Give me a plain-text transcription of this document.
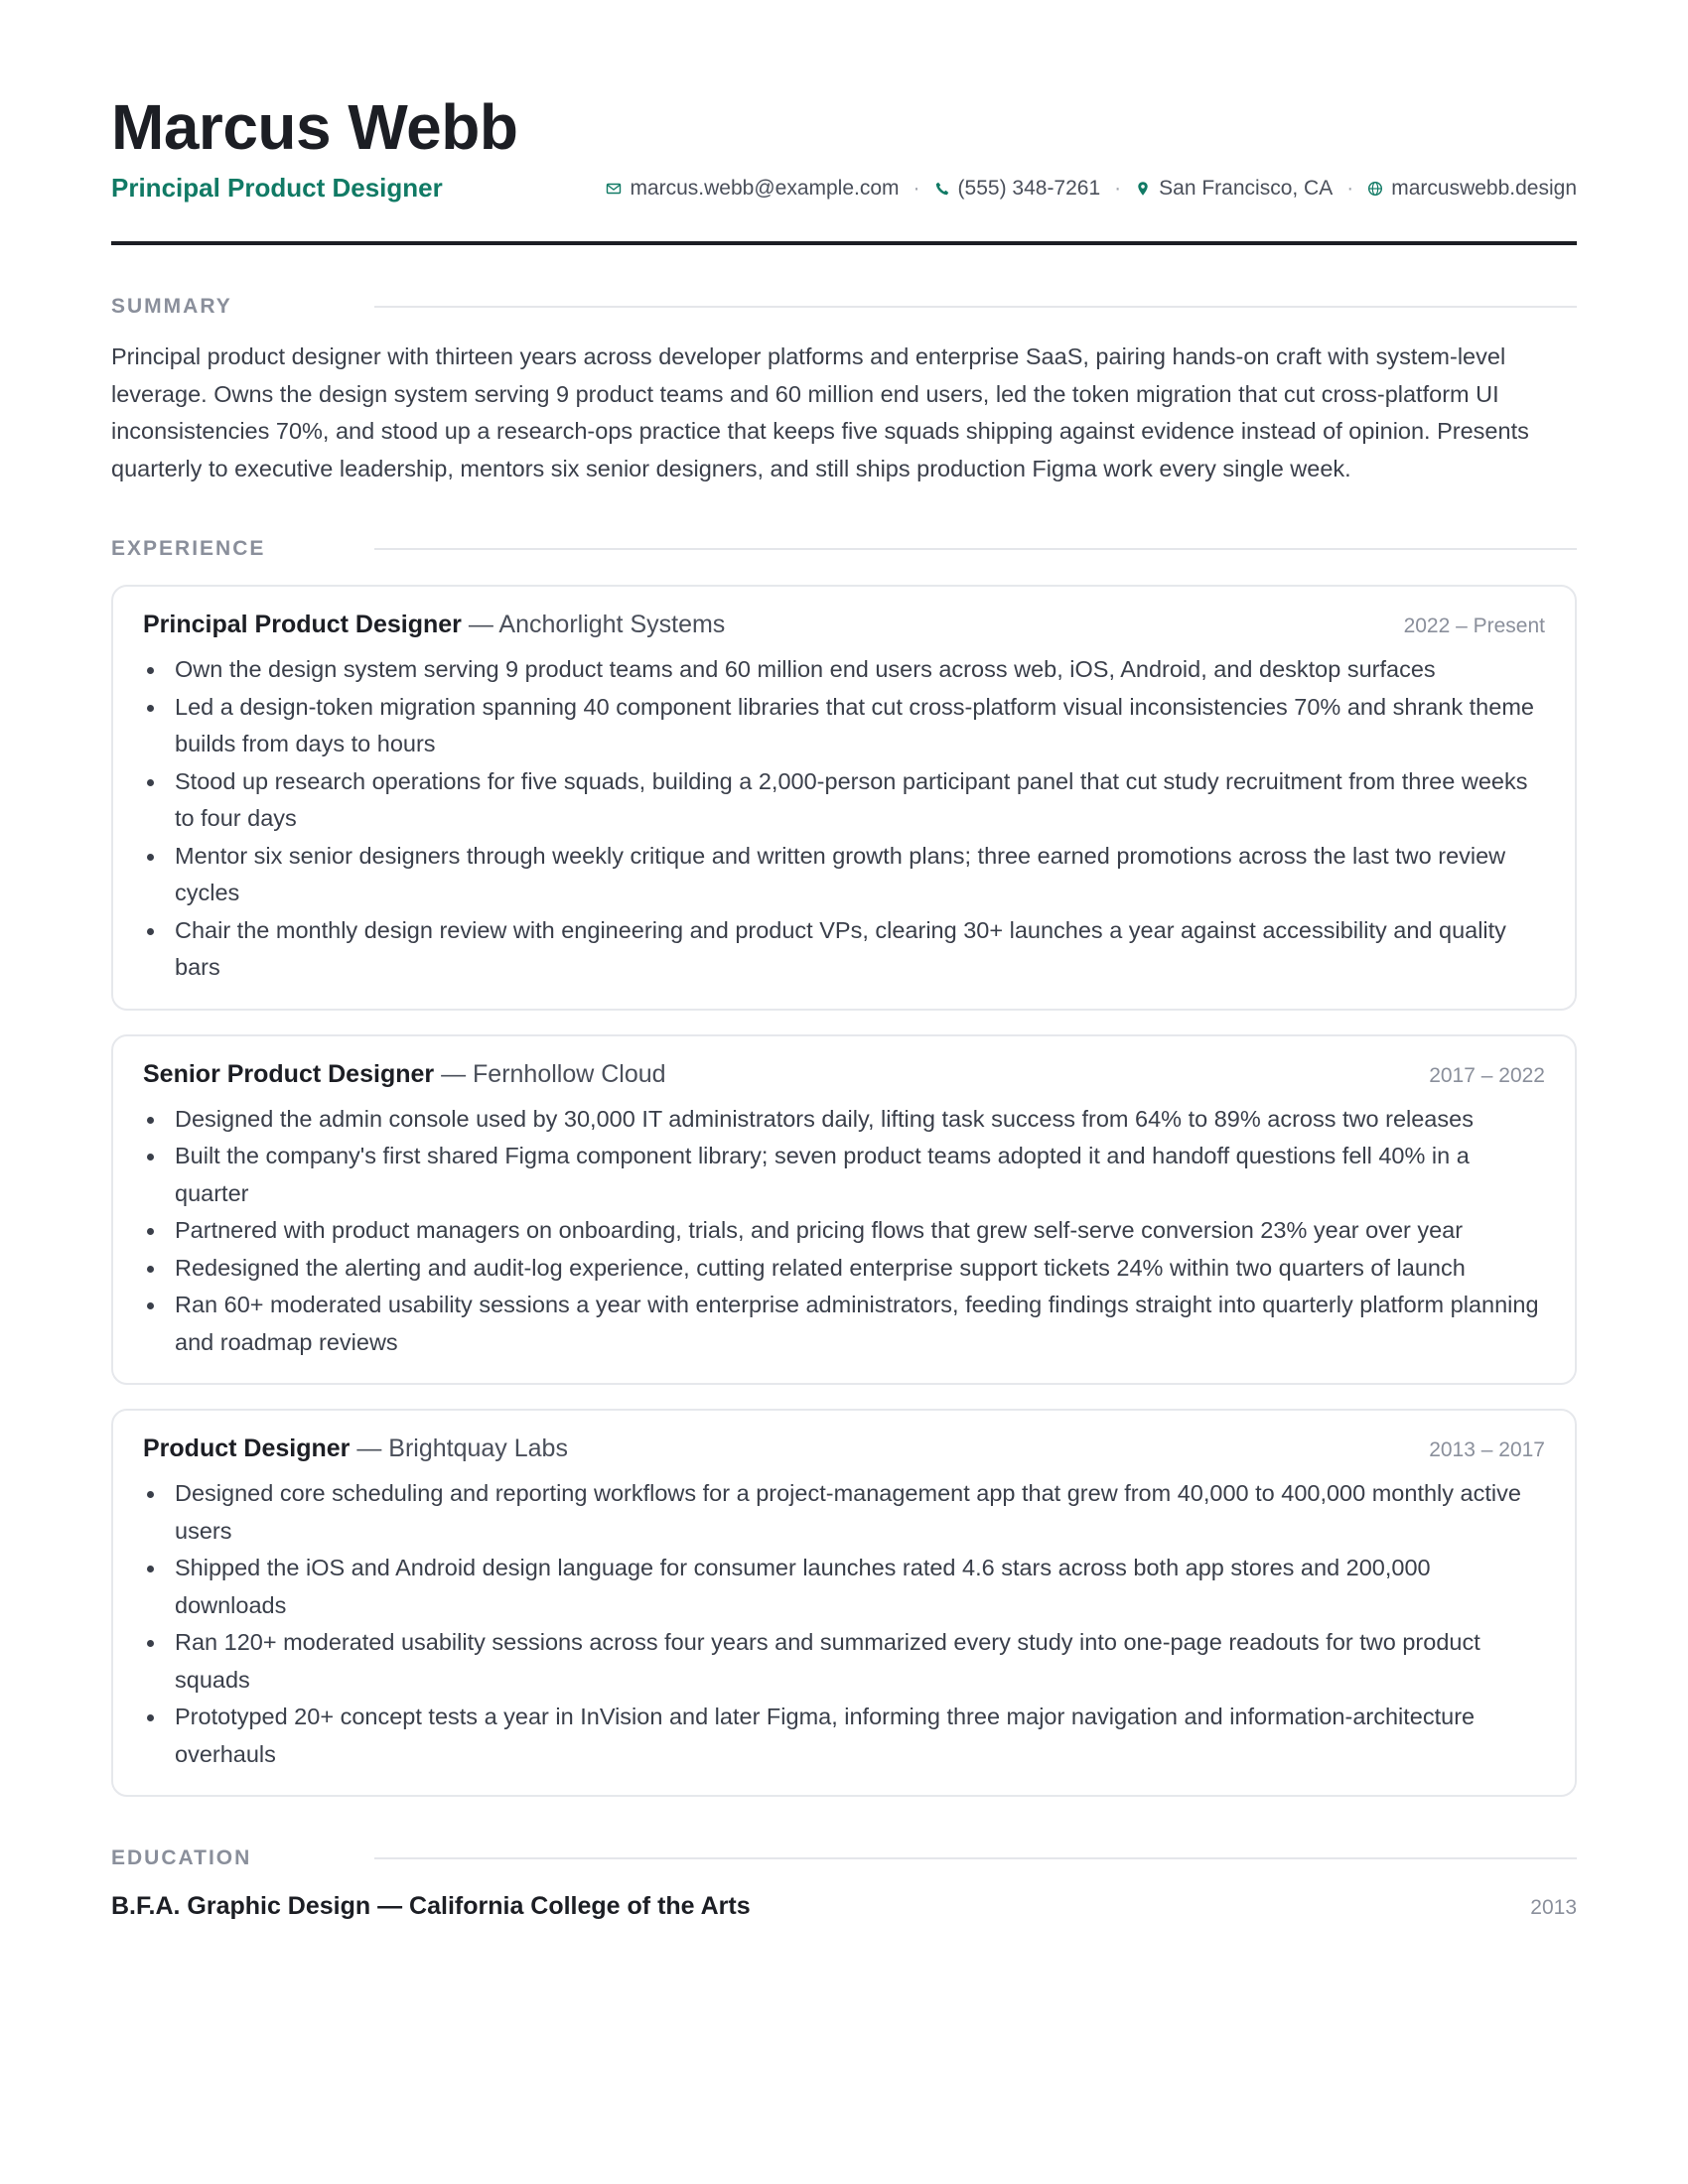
Marcus Webb
Principal Product Designer	marcus.webb@example.com · (555) 348-7261 · San Francisco, CA · marcuswebb.design
SUMMARY

Principal product designer with thirteen years across developer platforms and enterprise SaaS, pairing hands-on craft with system-level leverage. Owns the design system serving 9 product teams and 60 million end users, led the token migration that cut cross-platform UI inconsistencies 70%, and stood up a research-ops practice that keeps five squads shipping against evidence instead of opinion. Presents quarterly to executive leadership, mentors six senior designers, and still ships production Figma work every single week.

EXPERIENCE
Principal Product Designer — Anchorlight Systems	2022 – Present
Own the design system serving 9 product teams and 60 million end users across web, iOS, Android, and desktop surfaces
Led a design-token migration spanning 40 component libraries that cut cross-platform visual inconsistencies 70% and shrank theme builds from days to hours
Stood up research operations for five squads, building a 2,000-person participant panel that cut study recruitment from three weeks to four days
Mentor six senior designers through weekly critique and written growth plans; three earned promotions across the last two review cycles
Chair the monthly design review with engineering and product VPs, clearing 30+ launches a year against accessibility and quality bars
Senior Product Designer — Fernhollow Cloud	2017 – 2022
Designed the admin console used by 30,000 IT administrators daily, lifting task success from 64% to 89% across two releases
Built the company's first shared Figma component library; seven product teams adopted it and handoff questions fell 40% in a quarter
Partnered with product managers on onboarding, trials, and pricing flows that grew self-serve conversion 23% year over year
Redesigned the alerting and audit-log experience, cutting related enterprise support tickets 24% within two quarters of launch
Ran 60+ moderated usability sessions a year with enterprise administrators, feeding findings straight into quarterly platform planning and roadmap reviews
Product Designer — Brightquay Labs	2013 – 2017
Designed core scheduling and reporting workflows for a project-management app that grew from 40,000 to 400,000 monthly active users
Shipped the iOS and Android design language for consumer launches rated 4.6 stars across both app stores and 200,000 downloads
Ran 120+ moderated usability sessions across four years and summarized every study into one-page readouts for two product squads
Prototyped 20+ concept tests a year in InVision and later Figma, informing three major navigation and information-architecture overhauls
EDUCATION
B.F.A. Graphic Design — California College of the Arts	2013
